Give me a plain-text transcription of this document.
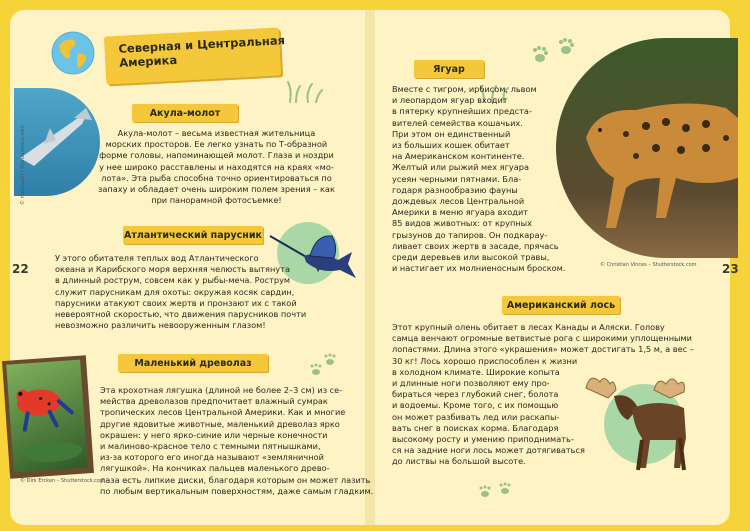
22	23
Северная и Центральная
Америка
© mattiaath / Shutterstock.com
Акула-молот
Акула-молот – весьма известная жительница
морских просторов. Ее легко узнать по Т-образной
форме головы, напоминающей молот. Глаза и ноздри
у нее широко расставлены и находятся на краях «мо-
лота». Эта рыба способна точно ориентироваться по
запаху и обладает очень широким полем зрения – как
при панорамной фотосъемке!
Атлантический парусник
У этого обитателя теплых вод Атлантического
океана и Карибского моря верхняя челюсть вытянута
в длинный рострум, совсем как у рыбы-меча. Рострум
служит парусникам для охоты: окружая косяк сардин,
парусники атакуют своих жертв и пронзают их с такой
невероятной скоростью, что движения парусников почти
невозможно различить невооруженным глазом!
Маленький древолаз
© Dirk Ercken – Shutterstock.com
Эта крохотная лягушка (длиной не более 2–3 см) из се-
мейства древолазов предпочитает влажный сумрак
тропических лесов Центральной Америки. Как и многие
другие ядовитые животные, маленький древолаз ярко
окрашен: у него ярко-синие или черные конечности
и малиново-красное тело с темными пятнышками,
из-за которого его иногда называют «земляничной
лягушкой». На кончиках пальцев маленького древо-
лаза есть липкие диски, благодаря которым он может лазить
по любым вертикальным поверхностям, даже самым гладким.
Ягуар
Вместе с тигром, ирбисом, львом
и леопардом ягуар входит
в пятерку крупнейших предста-
вителей семейства кошачьих.
При этом он единственный
из больших кошек обитает
на Американском континенте.
Желтый или рыжий мех ягуара
усеян черными пятнами. Бла-
годаря разнообразию фауны
дождевых лесов Центральной
Америки в меню ягуара входит
85 видов животных: от крупных
грызунов до тапиров. Он подкарау-
ливает своих жертв в засаде, прячась
среди деревьев или высокой травы,
и настигает их молниеносным броском.	© Christian Vinces – Shutterstock.com
Американский лось
Этот крупный олень обитает в лесах Канады и Аляски. Голову
самца венчают огромные ветвистые рога с широкими уплощенными
лопастями. Длина этого «украшения» может достигать 1,5 м, а вес –
30 кг! Лось хорошо приспособлен к жизни
в холодном климате. Широкие копыта
и длинные ноги позволяют ему про-
бираться через глубокий снег, болота
и водоемы. Кроме того, с их помощью
он может разбивать лед или раскапы-
вать снег в поисках корма. Благодаря
высокому росту и умению приподнимать-
ся на задние ноги лось может дотягиваться
до листвы на большой высоте.
